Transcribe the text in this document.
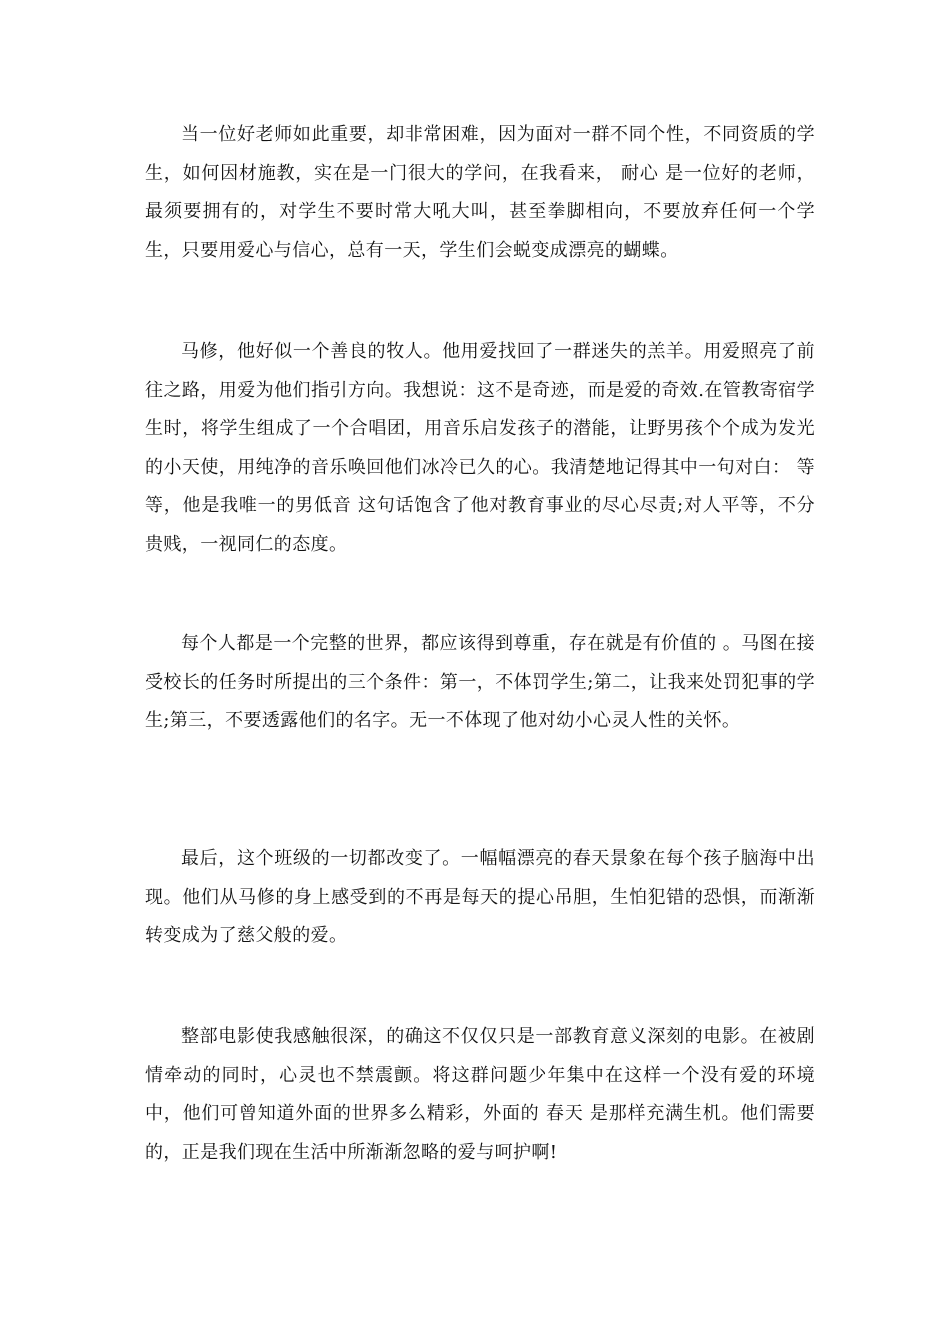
当一位好老师如此重要，却非常困难，因为面对一群不同个性，不同资质的学生，如何因材施教，实在是一门很大的学问，在我看来， 耐心 是一位好的老师，最须要拥有的，对学生不要时常大吼大叫，甚至拳脚相向，不要放弃任何一个学生，只要用爱心与信心，总有一天，学生们会蜕变成漂亮的蝴蝶。

马修，他好似一个善良的牧人。他用爱找回了一群迷失的羔羊。用爱照亮了前往之路，用爱为他们指引方向。我想说：这不是奇迹，而是爱的奇效.在管教寄宿学生时，将学生组成了一个合唱团，用音乐启发孩子的潜能，让野男孩个个成为发光的小天使，用纯净的音乐唤回他们冰冷已久的心。我清楚地记得其中一句对白： 等等，他是我唯一的男低音 这句话饱含了他对教育事业的尽心尽责;对人平等，不分贵贱，一视同仁的态度。

每个人都是一个完整的世界，都应该得到尊重，存在就是有价值的 。马图在接受校长的任务时所提出的三个条件：第一，不体罚学生;第二，让我来处罚犯事的学生;第三，不要透露他们的名字。无一不体现了他对幼小心灵人性的关怀。

最后，这个班级的一切都改变了。一幅幅漂亮的春天景象在每个孩子脑海中出现。他们从马修的身上感受到的不再是每天的提心吊胆，生怕犯错的恐惧，而渐渐转变成为了慈父般的爱。

整部电影使我感触很深，的确这不仅仅只是一部教育意义深刻的电影。在被剧情牵动的同时，心灵也不禁震颤。将这群问题少年集中在这样一个没有爱的环境中，他们可曾知道外面的世界多么精彩，外面的 春天 是那样充满生机。他们需要的，正是我们现在生活中所渐渐忽略的爱与呵护啊!
